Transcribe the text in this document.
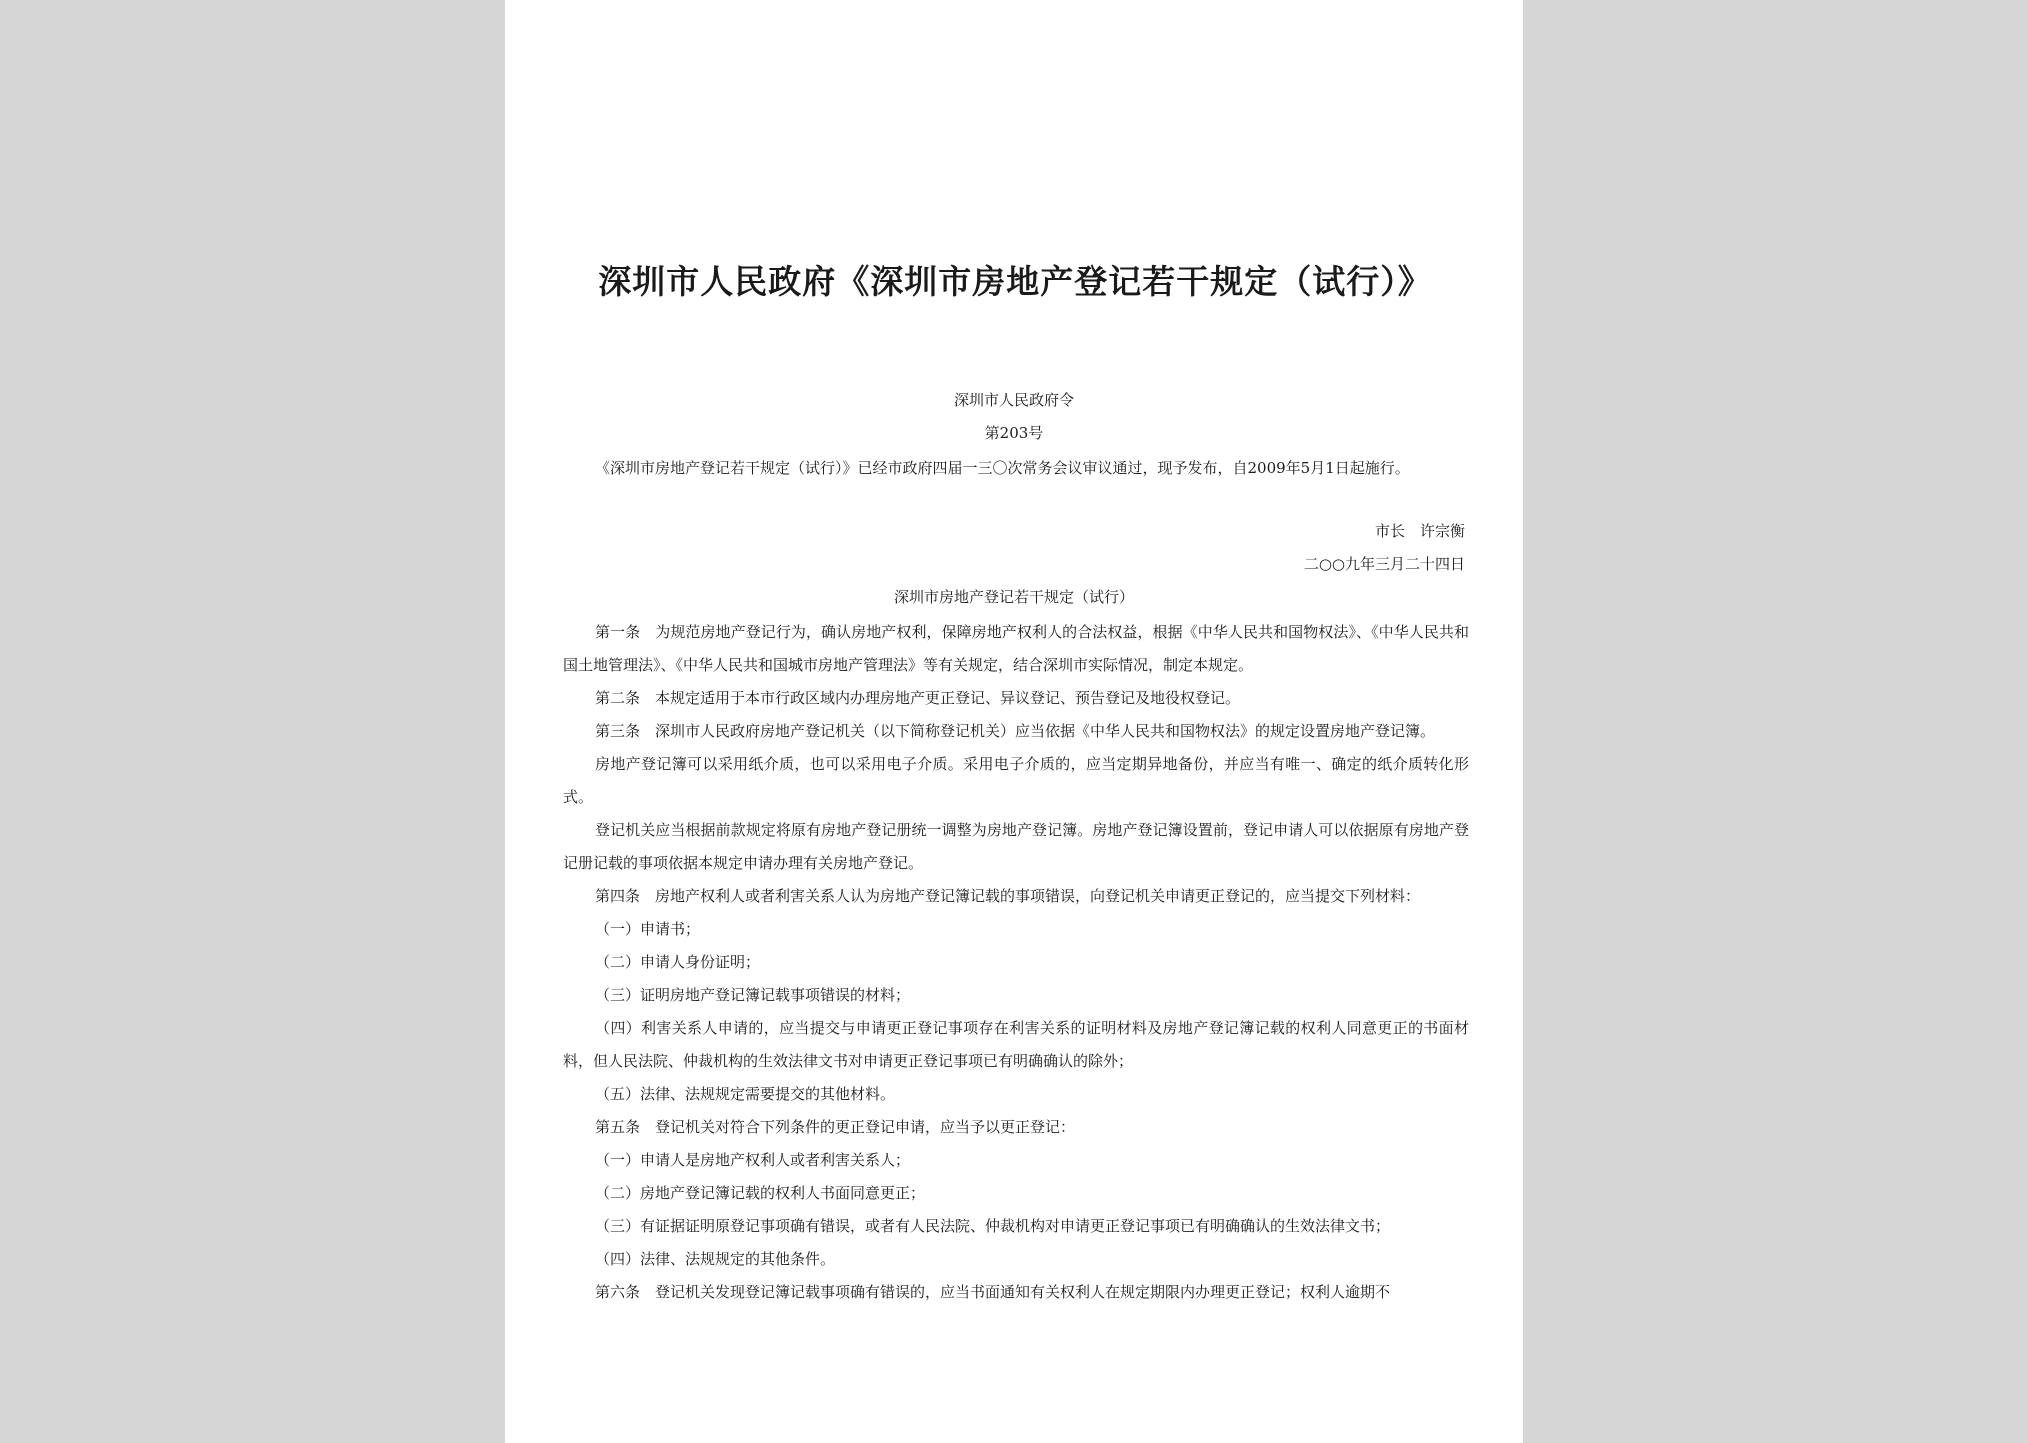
深圳市人民政府《深圳市房地产登记若干规定（试行）》
深圳市人民政府令
第203号

《深圳市房地产登记若干规定（试行）》已经市政府四届一三〇次常务会议审议通过，现予发布，自2009年5月1日起施行。

市长　许宗衡
二○○九年三月二十四日
深圳市房地产登记若干规定（试行）

第一条　为规范房地产登记行为，确认房地产权利，保障房地产权利人的合法权益，根据《中华人民共和国物权法》、《中华人民共和国土地管理法》、《中华人民共和国城市房地产管理法》等有关规定，结合深圳市实际情况，制定本规定。

第二条　本规定适用于本市行政区域内办理房地产更正登记、异议登记、预告登记及地役权登记。

第三条　深圳市人民政府房地产登记机关（以下简称登记机关）应当依据《中华人民共和国物权法》的规定设置房地产登记簿。

房地产登记簿可以采用纸介质，也可以采用电子介质。采用电子介质的，应当定期异地备份，并应当有唯一、确定的纸介质转化形式。

登记机关应当根据前款规定将原有房地产登记册统一调整为房地产登记簿。房地产登记簿设置前，登记申请人可以依据原有房地产登记册记载的事项依据本规定申请办理有关房地产登记。

第四条　房地产权利人或者利害关系人认为房地产登记簿记载的事项错误，向登记机关申请更正登记的，应当提交下列材料：

（一）申请书；

（二）申请人身份证明；

（三）证明房地产登记簿记载事项错误的材料；

（四）利害关系人申请的，应当提交与申请更正登记事项存在利害关系的证明材料及房地产登记簿记载的权利人同意更正的书面材料，但人民法院、仲裁机构的生效法律文书对申请更正登记事项已有明确确认的除外；

（五）法律、法规规定需要提交的其他材料。

第五条　登记机关对符合下列条件的更正登记申请，应当予以更正登记：

（一）申请人是房地产权利人或者利害关系人；

（二）房地产登记簿记载的权利人书面同意更正；

（三）有证据证明原登记事项确有错误，或者有人民法院、仲裁机构对申请更正登记事项已有明确确认的生效法律文书；

（四）法律、法规规定的其他条件。

第六条　登记机关发现登记簿记载事项确有错误的，应当书面通知有关权利人在规定期限内办理更正登记；权利人逾期不
